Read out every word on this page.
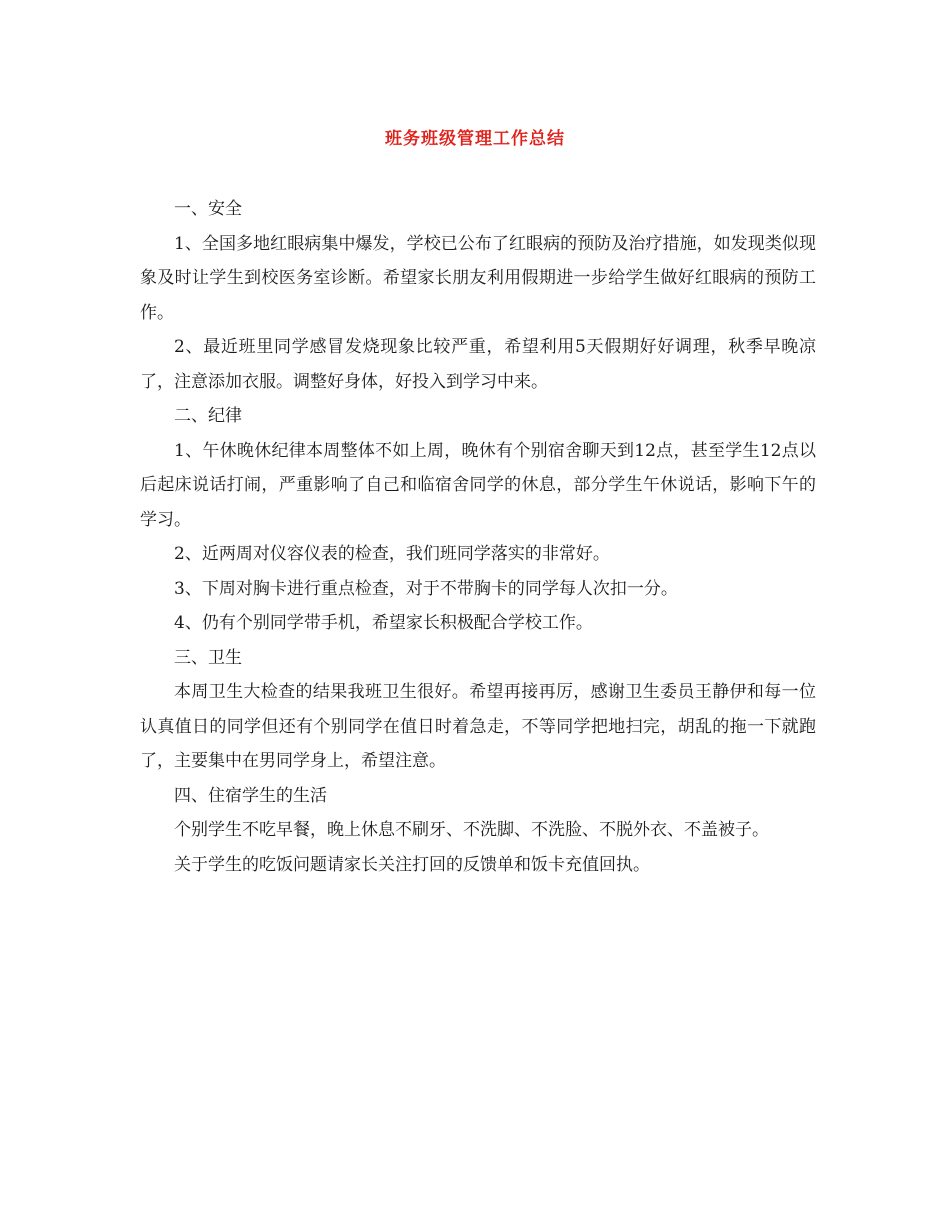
班务班级管理工作总结

一、安全

1、全国多地红眼病集中爆发，学校已公布了红眼病的预防及治疗措施，如发现类似现象及时让学生到校医务室诊断。希望家长朋友利用假期进一步给学生做好红眼病的预防工作。

2、最近班里同学感冒发烧现象比较严重，希望利用5天假期好好调理，秋季早晚凉了，注意添加衣服。调整好身体，好投入到学习中来。

二、纪律

1、午休晚休纪律本周整体不如上周，晚休有个别宿舍聊天到12点，甚至学生12点以后起床说话打闹，严重影响了自己和临宿舍同学的休息，部分学生午休说话，影响下午的学习。

2、近两周对仪容仪表的检查，我们班同学落实的非常好。

3、下周对胸卡进行重点检查，对于不带胸卡的同学每人次扣一分。

4、仍有个别同学带手机，希望家长积极配合学校工作。

三、卫生

本周卫生大检查的结果我班卫生很好。希望再接再厉，感谢卫生委员王静伊和每一位认真值日的同学但还有个别同学在值日时着急走，不等同学把地扫完，胡乱的拖一下就跑了，主要集中在男同学身上，希望注意。

四、住宿学生的生活

个别学生不吃早餐，晚上休息不刷牙、不洗脚、不洗脸、不脱外衣、不盖被子。

关于学生的吃饭问题请家长关注打回的反馈单和饭卡充值回执。
